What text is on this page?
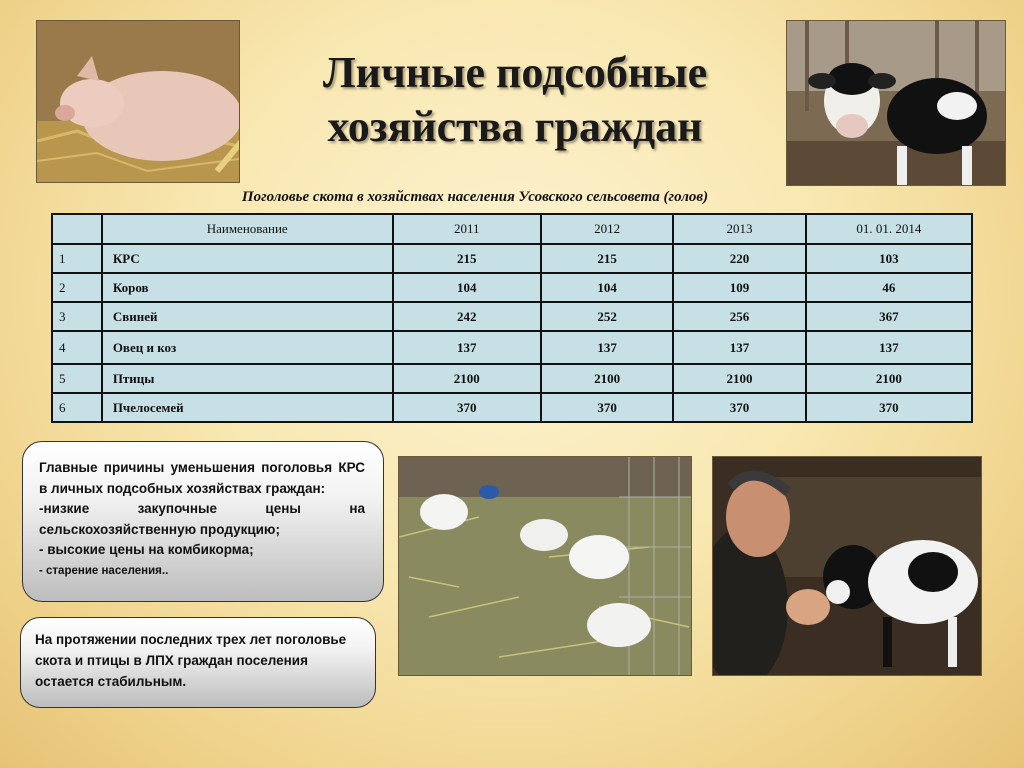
Личные подсобные
хозяйства граждан
Поголовье скота в хозяйствах населения Усовского сельсовета (голов)
	Наименование	2011	2012	2013	01. 01. 2014
1	КРС	215	215	220	103
2	Коров	104	104	109	46
3	Свиней	242	252	256	367
4	Овец и коз	137	137	137	137
5	Птицы	2100	2100	2100	2100
6	Пчелосемей	370	370	370	370
Главные причины уменьшения поголовья КРС в личных подсобных хозяйствах граждан:
-низкие закупочные цены на сельскохозяйственную продукцию;
- высокие цены на комбикорма;
- старение населения..
На протяжении последних трех лет поголовье скота и птицы в ЛПХ граждан поселения остается стабильным.
